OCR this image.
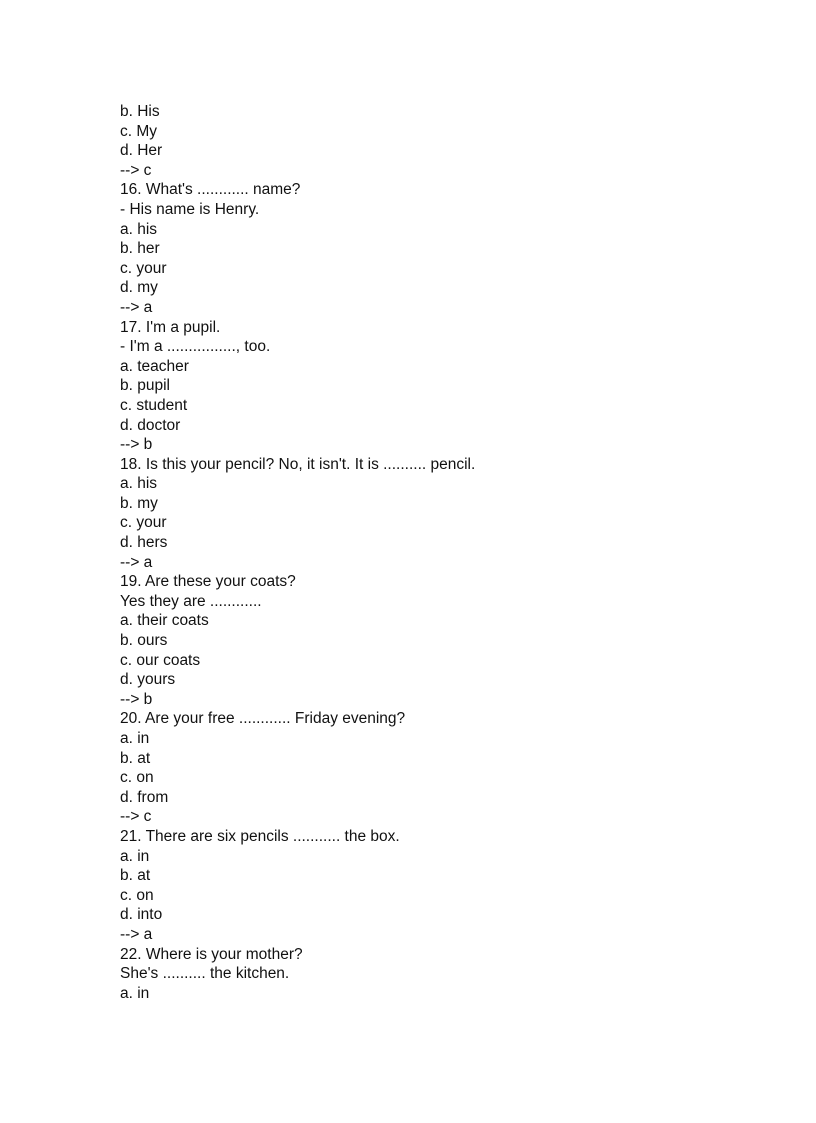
b. His
c. My
d. Her
--> c
16. What's ............ name?
- His name is Henry.
a. his
b. her
c. your
d. my
--> a
17. I'm a pupil.
- I'm a ................, too.
a. teacher
b. pupil
c. student
d. doctor
--> b
18. Is this your pencil? No, it isn't. It is .......... pencil.
a. his
b. my
c. your
d. hers
--> a
19. Are these your coats?
Yes they are ............
a. their coats
b. ours
c. our coats
d. yours
--> b
20. Are your free ............ Friday evening?
a. in
b. at
c. on
d. from
--> c
21. There are six pencils ........... the box.
a. in
b. at
c. on
d. into
--> a
22. Where is your mother?
She's .......... the kitchen.
a. in
